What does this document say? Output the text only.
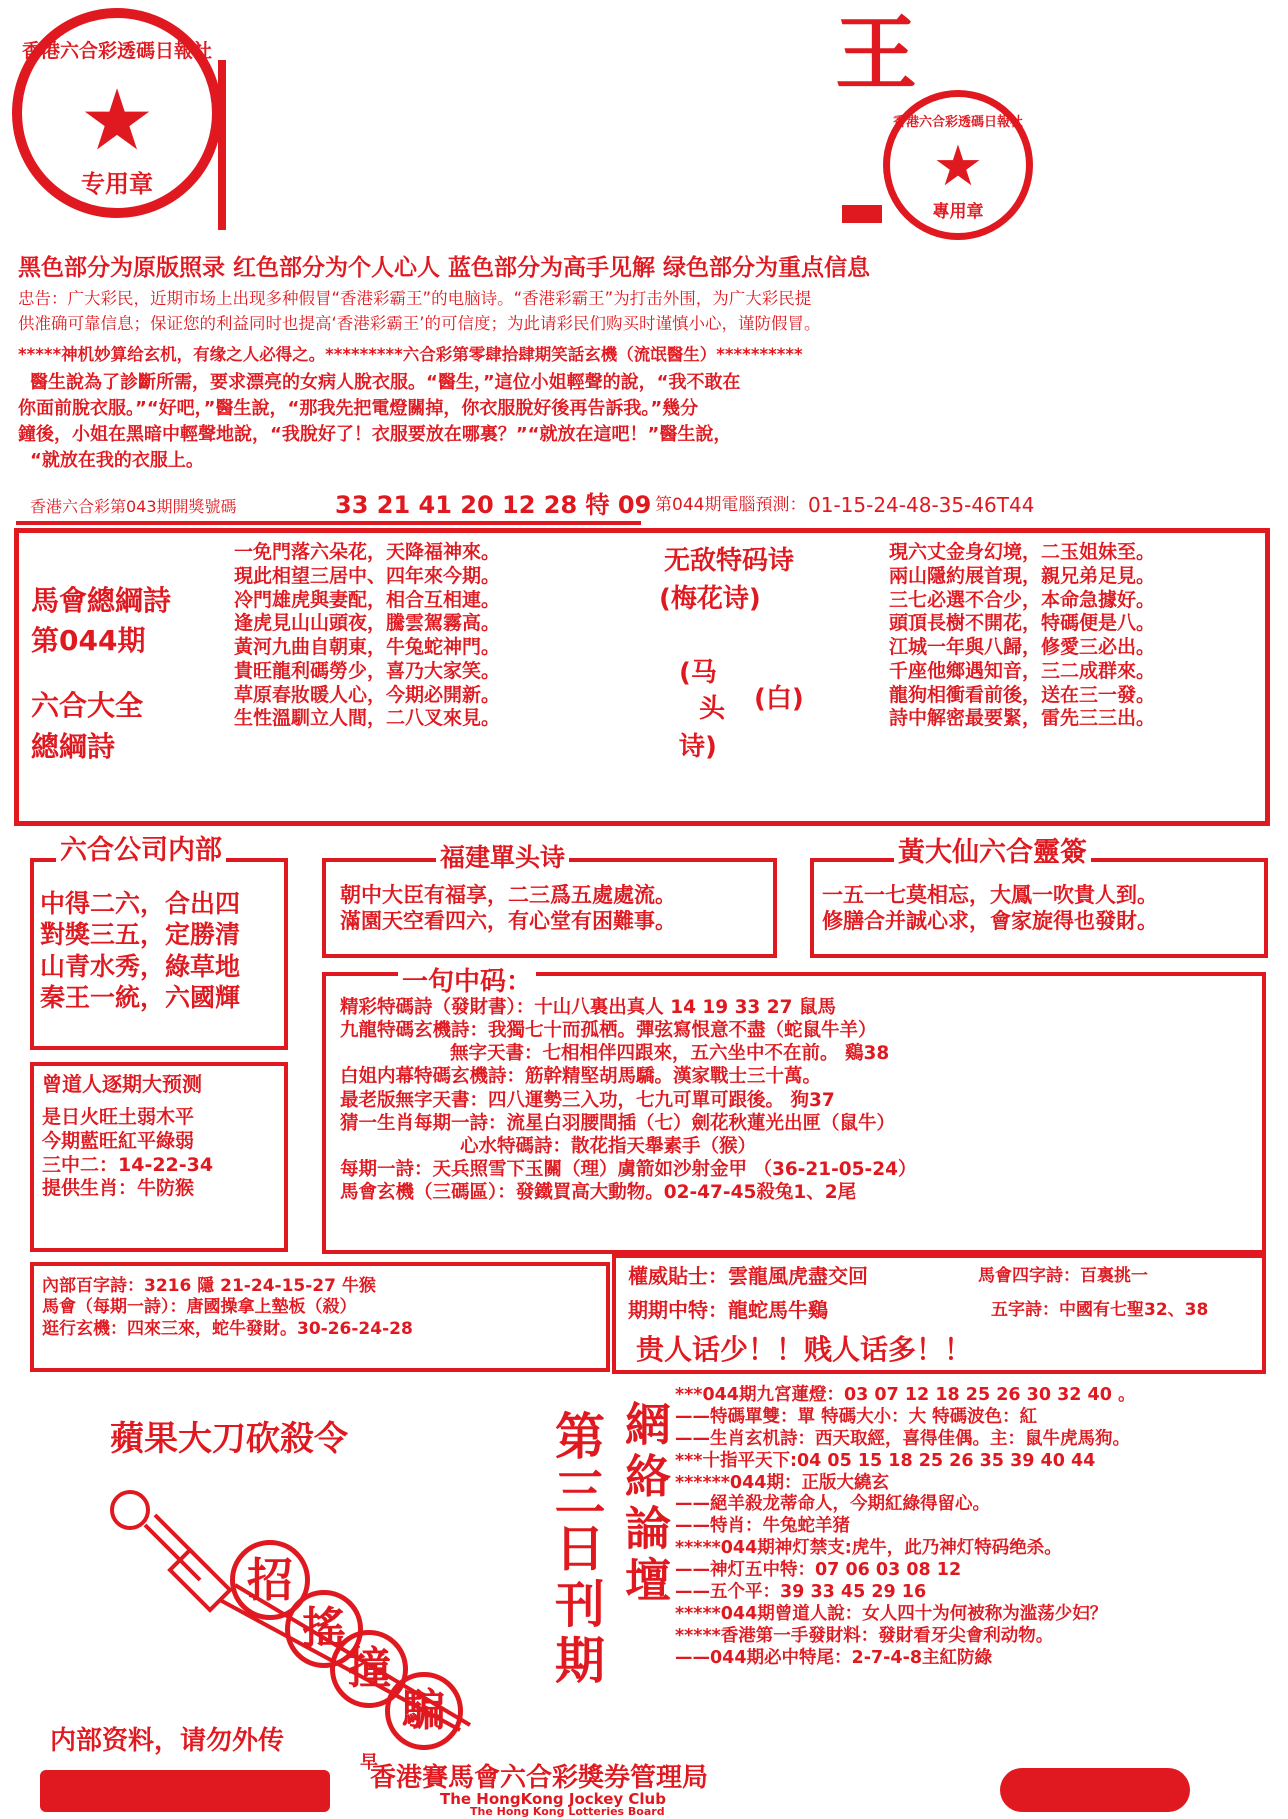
香港六合彩透碼日報社
★
专用章
王
香港六合彩透碼日報社
★
專用章
黑色部分为原版照录 红色部分为个人心人 蓝色部分为高手见解 绿色部分为重点信息
忠告：广大彩民，近期市场上出现多种假冒“香港彩霸王”的电脑诗。“香港彩霸王”为打击外围，为广大彩民提
供准确可靠信息；保证您的利益同时也提高‘香港彩霸王’的可信度；为此请彩民们购买时谨慎小心，谨防假冒。
*****神机妙算给玄机，有缘之人必得之。*********六合彩第零肆拾肆期笑話玄機（流氓醫生）**********
醫生說為了診斷所需，要求漂亮的女病人脫衣服。“醫生，”這位小姐輕聲的說，“我不敢在
你面前脫衣服。”“好吧，”醫生說，“那我先把電燈關掉，你衣服脫好後再告訴我。”幾分
鐘後，小姐在黑暗中輕聲地說，“我脫好了！衣服要放在哪裏？”“就放在這吧！”醫生說，
“就放在我的衣服上。
香港六合彩第043期開獎號碼	33 21 41 20 12 28 特 09 第044期電腦預測： 01-15-24-48-35-46T44
馬會總綱詩
第044期
六合大全
總綱詩
一免門落六朵花，天降福神來。
現此相望三居中、四年來今期。
冷門雄虎與妻配，相合互相連。
逢虎見山山頭夜，騰雲駕霧高。
黃河九曲自朝東，牛兔蛇神門。
貴旺龍利碼勞少，喜乃大家笑。
草原春妝暖人心，今期必開新。
生性溫馴立人間，二八叉來見。
无敌特码诗
(梅花诗)
(马
头
诗)
(白)
現六丈金身幻境，二玉姐妹至。
兩山隱約展首現，親兄弟足見。
三七必選不合少，本命急據好。
頭頂長樹不開花，特碼便是八。
江城一年與八歸，修愛三必出。
千座他鄉遇知音，三二成群來。
龍狗相衝看前後，送在三一發。
詩中解密最要緊，雷先三三出。
六合公司内部
中得二六，合出四
對獎三五，定勝清
山青水秀，綠草地
秦王一統，六國輝
福建單头诗
朝中大臣有福享，二三爲五處處流。
滿園天空看四六，有心堂有困難事。
黃大仙六合靈簽
一五一七莫相忘，大鳳一吹貴人到。
修膳合并誠心求，會家旋得也發財。
曾道人逐期大预测
是日火旺土弱木平
今期藍旺紅平綠弱
三中二：14-22-34
提供生肖：牛防猴
一句中码：
精彩特碼詩（發財書）：十山八裏出真人 14 19 33 27 鼠馬
九龍特碼玄機詩：我獨七十而孤栖。彈弦寫恨意不盡（蛇鼠牛羊）
無字天書：七相相伴四跟來，五六坐中不在前。 鷄38
白姐内幕特碼玄機詩：筋幹精堅胡馬驕。漢家戰士三十萬。
最老版無字天書：四八運勢三入功，七九可單可跟後。 狗37
猜一生肖每期一詩：流星白羽腰間插（七）劍花秋蓮光出匣（鼠牛）
心水特碼詩：散花指天舉素手（猴）
每期一詩：天兵照雪下玉關（理）虜箭如沙射金甲 （36-21-05-24）
馬會玄機（三碼區）：發鐵買高大動物。02-47-45殺兔1、2尾
內部百字詩：3216 隱 21-24-15-27 牛猴
馬會（每期一詩）：唐國操拿上墊板（殺）
逛行玄機：四來三來，蛇牛發財。30-26-24-28
權威貼士：雲龍風虎盡交回	馬會四字詩：百裏挑一
期期中特：龍蛇馬牛鷄	五字詩：中國有七聖32、38
贵人话少！！贱人话多！！
蘋果大刀砍殺令
招
搖
撞
騙
内部资料，请勿外传
早
第三日刊期 網絡論壇
***044期九宮蓮燈：03 07 12 18 25 26 30 32 40 。
——特碼單雙：單 特碼大小：大 特碼波色：紅
——生肖玄机詩：西天取經，喜得佳偶。主：鼠牛虎馬狗。
***十指平天下:04 05 15 18 25 26 35 39 40 44
******044期：正版大繞玄
——絕羊殺龙蒂命人，今期紅綠得留心。
——特肖：牛兔蛇羊猪
*****044期神灯禁支:虎牛，此乃神灯特码绝杀。
——神灯五中特：07 06 03 08 12
——五个平：39 33 45 29 16
*****044期曾道人說：女人四十为何被称为滥荡少妇？
*****香港第一手發財料：發財看牙尖會利动物。
——044期必中特尾：2-7-4-8主紅防綠
香港賽馬會六合彩獎券管理局
The HongKong Jockey Club
The Hong Kong Lotteries Board
